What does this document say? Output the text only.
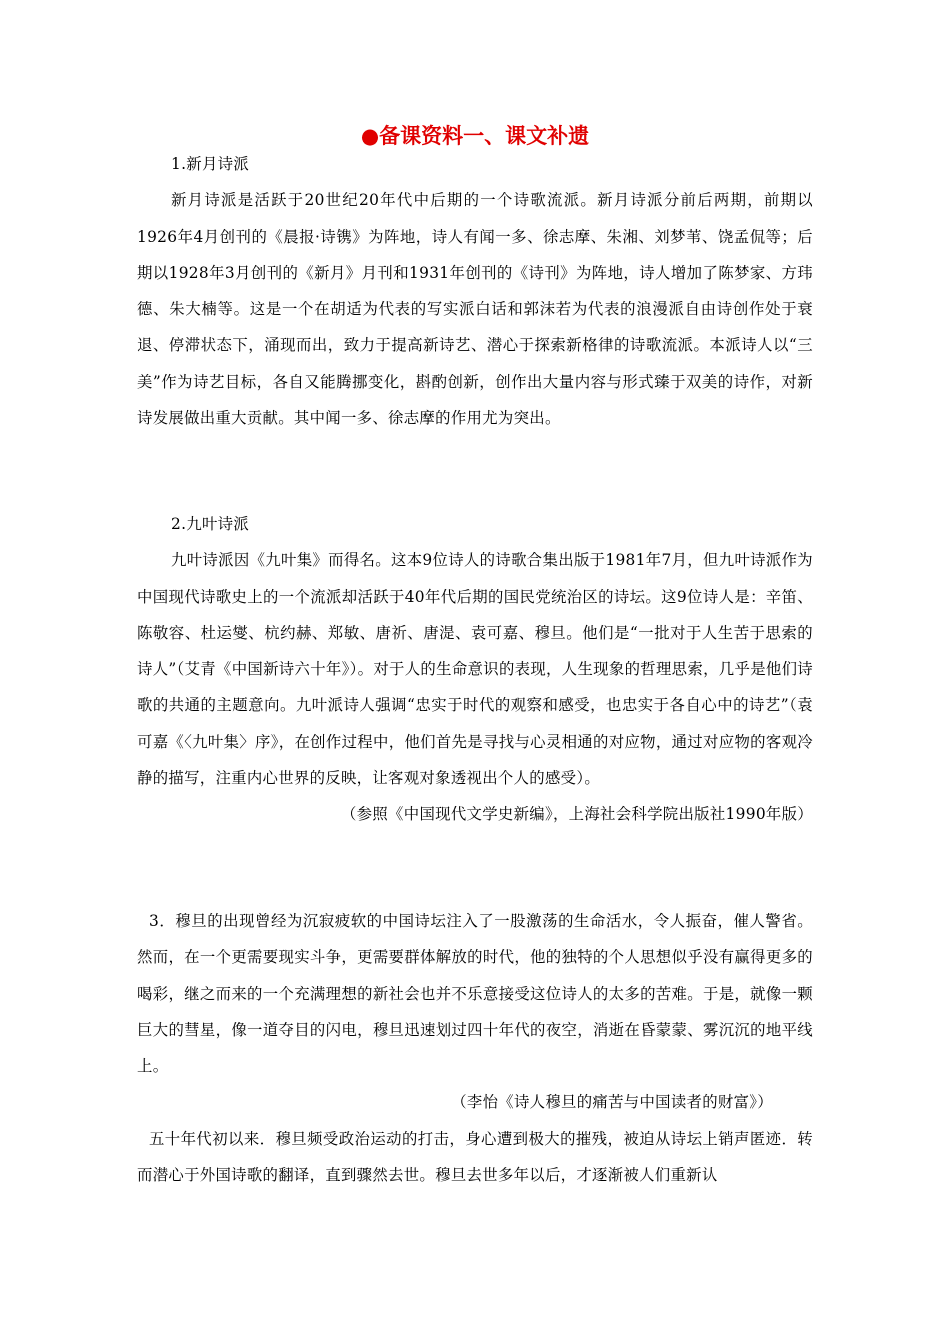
●备课资料一、课文补遗

1.新月诗派

新月诗派是活跃于20世纪20年代中后期的一个诗歌流派。新月诗派分前后两期，前期以1926年4月创刊的《晨报·诗镌》为阵地，诗人有闻一多、徐志摩、朱湘、刘梦苇、饶孟侃等；后期以1928年3月创刊的《新月》月刊和1931年创刊的《诗刊》为阵地，诗人增加了陈梦家、方玮德、朱大楠等。这是一个在胡适为代表的写实派白话和郭沫若为代表的浪漫派自由诗创作处于衰退、停滞状态下，涌现而出，致力于提高新诗艺、潜心于探索新格律的诗歌流派。本派诗人以“三美”作为诗艺目标，各自又能腾挪变化，斟酌创新，创作出大量内容与形式臻于双美的诗作，对新诗发展做出重大贡献。其中闻一多、徐志摩的作用尤为突出。

2.九叶诗派

九叶诗派因《九叶集》而得名。这本9位诗人的诗歌合集出版于1981年7月，但九叶诗派作为中国现代诗歌史上的一个流派却活跃于40年代后期的国民党统治区的诗坛。这9位诗人是：辛笛、陈敬容、杜运燮、杭约赫、郑敏、唐祈、唐湜、袁可嘉、穆旦。他们是“一批对于人生苦于思索的诗人”（艾青《中国新诗六十年》）。对于人的生命意识的表现，人生现象的哲理思索，几乎是他们诗歌的共通的主题意向。九叶派诗人强调“忠实于时代的观察和感受，也忠实于各自心中的诗艺”（袁可嘉《〈九叶集〉序》，在创作过程中，他们首先是寻找与心灵相通的对应物，通过对应物的客观冷静的描写，注重内心世界的反映，让客观对象透视出个人的感受）。

（参照《中国现代文学史新编》，上海社会科学院出版社1990年版）

3．穆旦的出现曾经为沉寂疲软的中国诗坛注入了一股激荡的生命活水，令人振奋，催人警省。然而，在一个更需要现实斗争，更需要群体解放的时代，他的独特的个人思想似乎没有赢得更多的喝彩，继之而来的一个充满理想的新社会也并不乐意接受这位诗人的太多的苦难。于是，就像一颗巨大的彗星，像一道夺目的闪电，穆旦迅速划过四十年代的夜空，消逝在昏蒙蒙、雾沉沉的地平线上。

（李怡《诗人穆旦的痛苦与中国读者的财富》）

五十年代初以来．穆旦频受政治运动的打击，身心遭到极大的摧残，被迫从诗坛上销声匿迹．转而潜心于外国诗歌的翻译，直到骤然去世。穆旦去世多年以后，才逐渐被人们重新认
